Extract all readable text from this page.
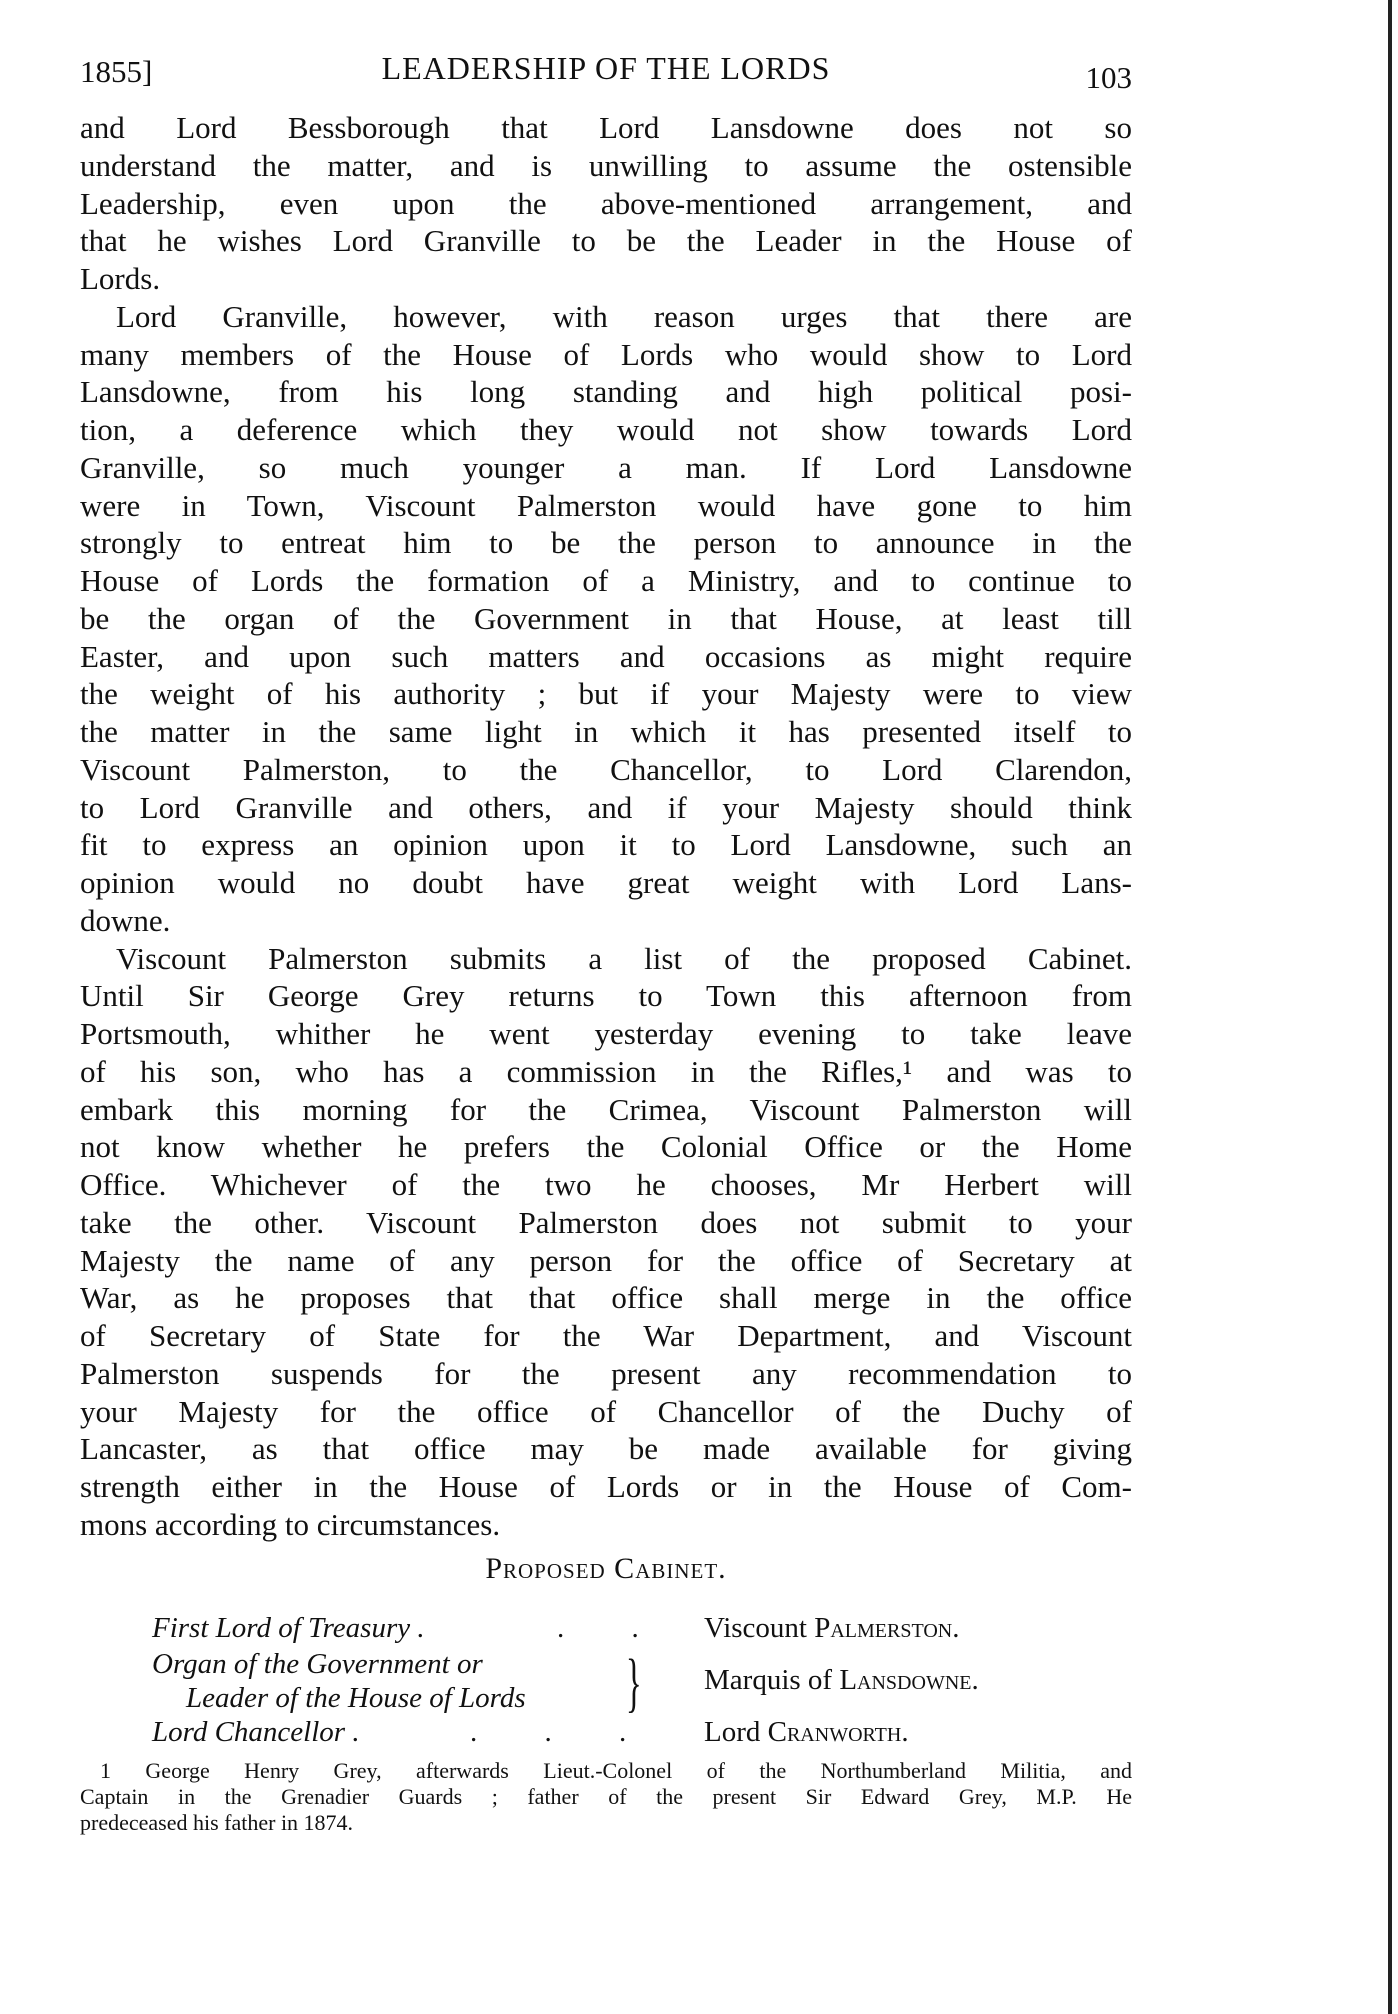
1855]	LEADERSHIP OF THE LORDS	103
and Lord Bessborough that Lord Lansdowne does not so
understand the matter, and is unwilling to assume the ostensible
Leadership, even upon the above-mentioned arrangement, and
that he wishes Lord Granville to be the Leader in the House of
Lords.
Lord Granville, however, with reason urges that there are
many members of the House of Lords who would show to Lord
Lansdowne, from his long standing and high political posi-
tion, a deference which they would not show towards Lord
Granville, so much younger a man. If Lord Lansdowne
were in Town, Viscount Palmerston would have gone to him
strongly to entreat him to be the person to announce in the
House of Lords the formation of a Ministry, and to continue to
be the organ of the Government in that House, at least till
Easter, and upon such matters and occasions as might require
the weight of his authority ; but if your Majesty were to view
the matter in the same light in which it has presented itself to
Viscount Palmerston, to the Chancellor, to Lord Clarendon,
to Lord Granville and others, and if your Majesty should think
fit to express an opinion upon it to Lord Lansdowne, such an
opinion would no doubt have great weight with Lord Lans-
downe.
Viscount Palmerston submits a list of the proposed Cabinet.
Until Sir George Grey returns to Town this afternoon from
Portsmouth, whither he went yesterday evening to take leave
of his son, who has a commission in the Rifles,¹ and was to
embark this morning for the Crimea, Viscount Palmerston will
not know whether he prefers the Colonial Office or the Home
Office. Whichever of the two he chooses, Mr Herbert will
take the other. Viscount Palmerston does not submit to your
Majesty the name of any person for the office of Secretary at
War, as he proposes that that office shall merge in the office
of Secretary of State for the War Department, and Viscount
Palmerston suspends for the present any recommendation to
your Majesty for the office of Chancellor of the Duchy of
Lancaster, as that office may be made available for giving
strength either in the House of Lords or in the House of Com-
mons according to circumstances.
Proposed Cabinet.
First Lord of Treasury .	. . Viscount Palmerston.
Organ of the Government or
Leader of the House of Lords } Marquis of Lansdowne.
Lord Chancellor .	. . . Lord Cranworth.
1 George Henry Grey, afterwards Lieut.-Colonel of the Northumberland Militia, and
Captain in the Grenadier Guards ; father of the present Sir Edward Grey, M.P. He
predeceased his father in 1874.
